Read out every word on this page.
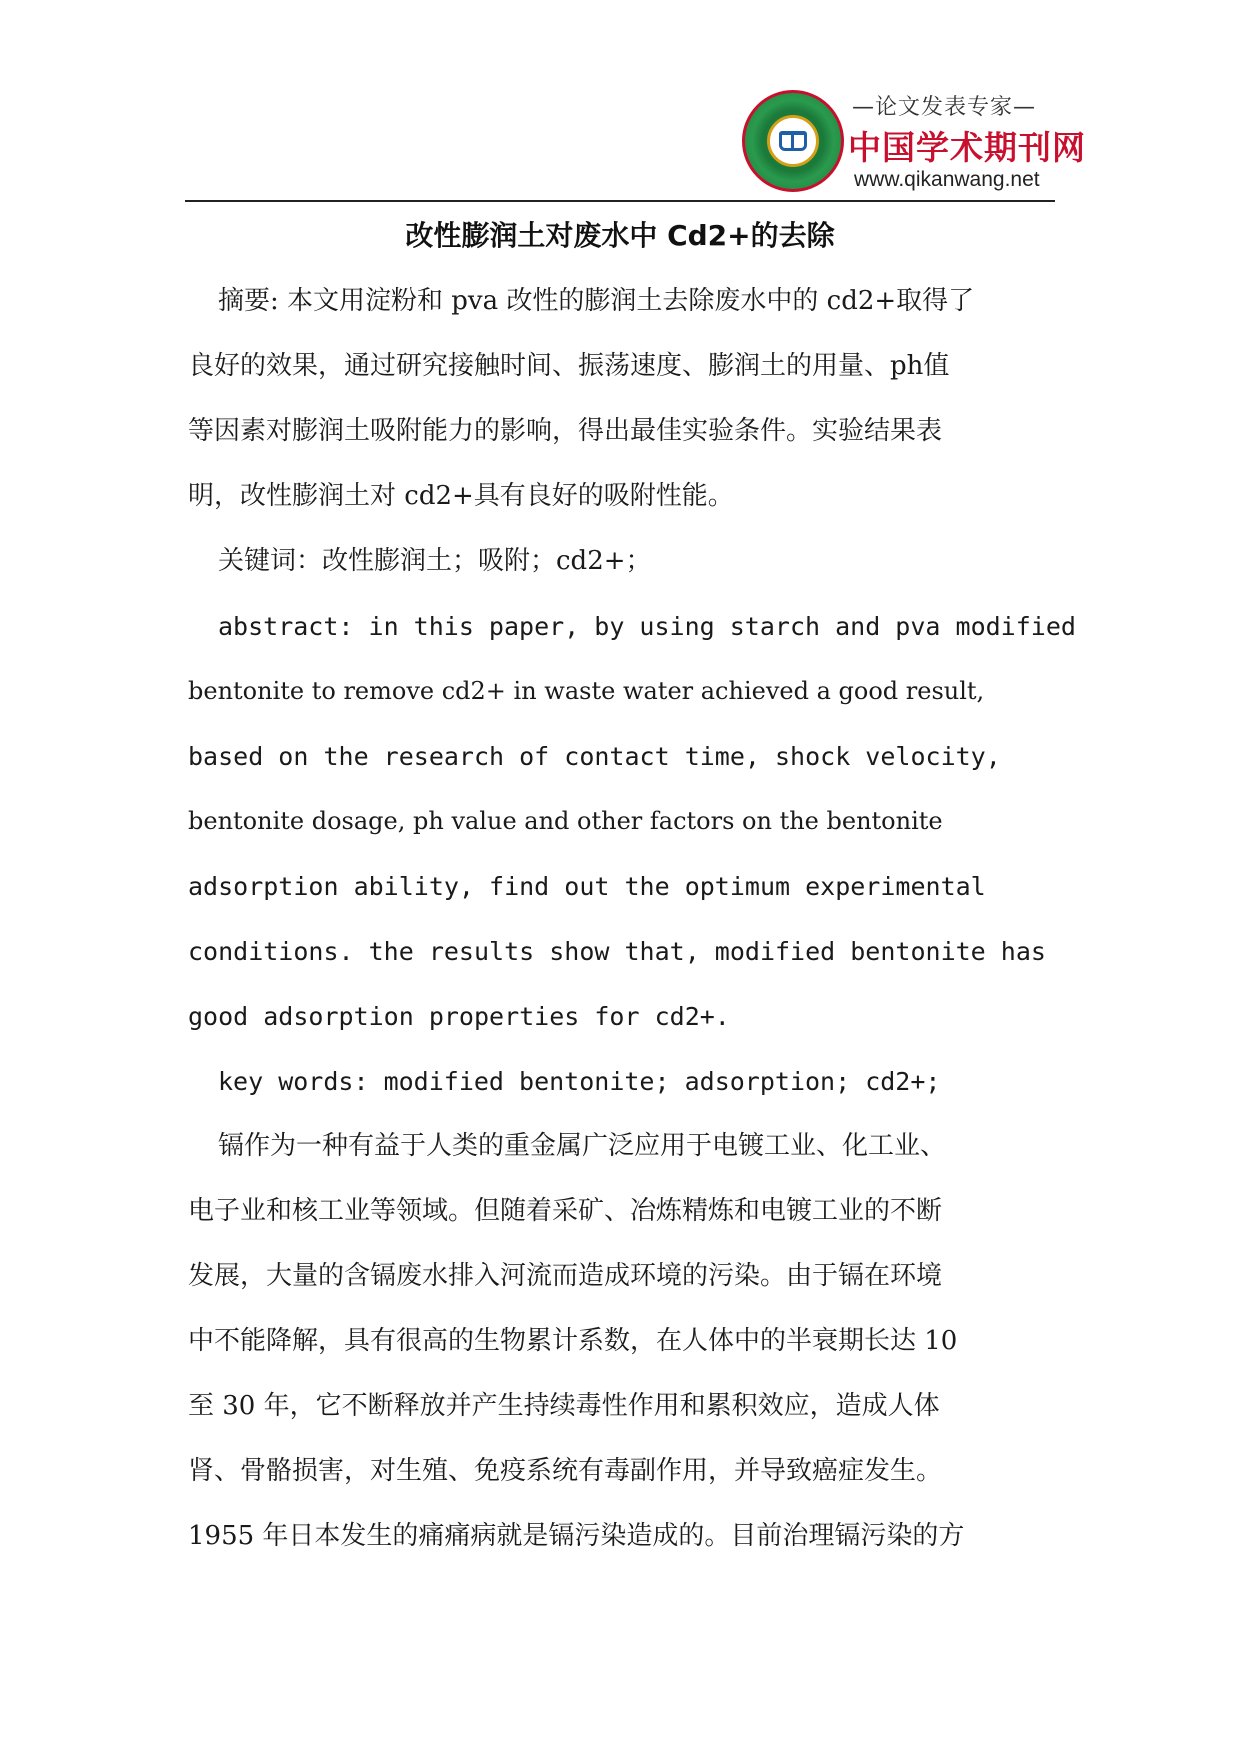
—论文发表专家—
中国学术期刊网
www.qikanwang.net
改性膨润土对废水中 Cd2+的去除
摘要: 本文用淀粉和 pva 改性的膨润土去除废水中的 cd2+取得了
良好的效果，通过研究接触时间、振荡速度、膨润土的用量、ph值
等因素对膨润土吸附能力的影响，得出最佳实验条件。实验结果表
明，改性膨润土对 cd2+具有良好的吸附性能。
关键词：改性膨润土；吸附；cd2+；
abstract: in this paper, by using starch and pva modified
bentonite to remove cd2+ in waste water achieved a good result,
based on the research of contact time, shock velocity,
bentonite dosage, ph value and other factors on the bentonite
adsorption ability, find out the optimum experimental
conditions. the results show that, modified bentonite has
good adsorption properties for cd2+.
key words: modified bentonite; adsorption; cd2+;
镉作为一种有益于人类的重金属广泛应用于电镀工业、化工业、
电子业和核工业等领域。但随着采矿、冶炼精炼和电镀工业的不断
发展，大量的含镉废水排入河流而造成环境的污染。由于镉在环境
中不能降解，具有很高的生物累计系数，在人体中的半衰期长达 10
至 30 年，它不断释放并产生持续毒性作用和累积效应，造成人体
肾、骨骼损害，对生殖、免疫系统有毒副作用，并导致癌症发生。
1955 年日本发生的痛痛病就是镉污染造成的。目前治理镉污染的方
